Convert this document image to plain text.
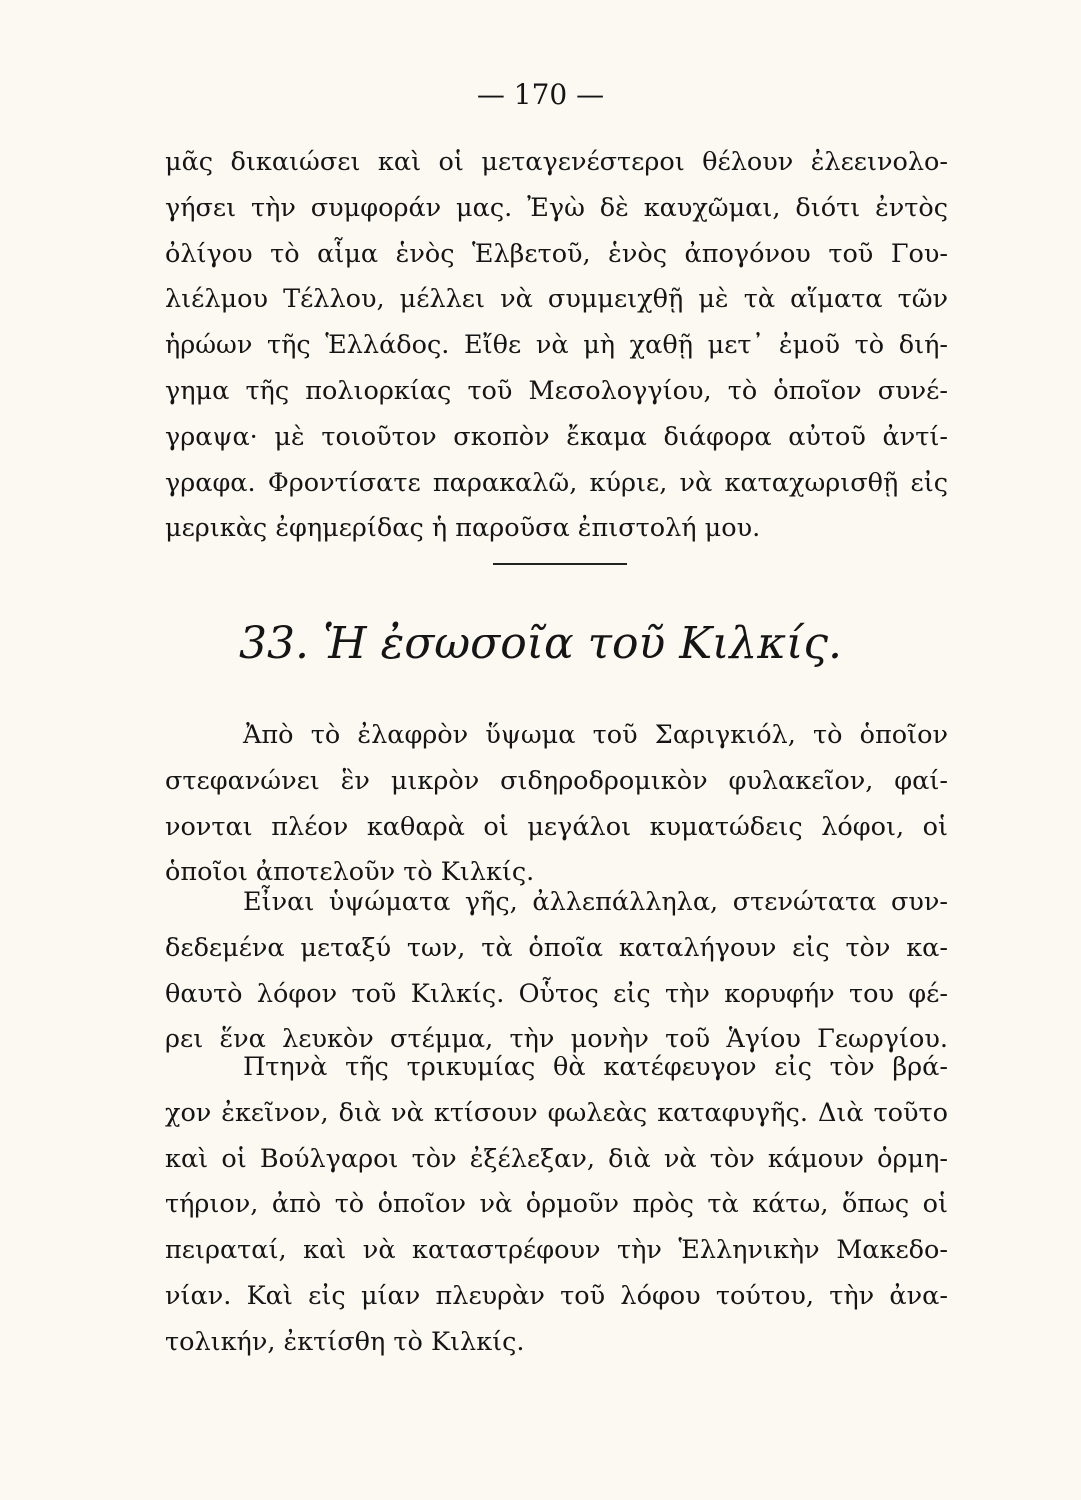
— 170 —
μᾶς δικαιώσει καὶ οἱ μεταγενέστεροι θέλουν ἐλεεινολο-
γήσει τὴν συμφοράν μας. Ἐγὼ δὲ καυχῶμαι, διότι ἐντὸς
ὀλίγου τὸ αἷμα ἑνὸς Ἑλβετοῦ, ἑνὸς ἀπογόνου τοῦ Γου-
λιέλμου Τέλλου, μέλλει νὰ συμμειχθῇ μὲ τὰ αἵματα τῶν
ἡρώων τῆς Ἑλλάδος. Εἴθε νὰ μὴ χαθῇ μετ᾽ ἐμοῦ τὸ διή-
γημα τῆς πολιορκίας τοῦ Μεσολογγίου, τὸ ὁποῖον συνέ-
γραψα· μὲ τοιοῦτον σκοπὸν ἔκαμα διάφορα αὐτοῦ ἀντί-
γραφα. Φροντίσατε παρακαλῶ, κύριε, νὰ καταχωρισθῇ εἰς
μερικὰς ἐφημερίδας ἡ παροῦσα ἐπιστολή μου.
33. Ἡ ἐσωσοῖα τοῦ Κιλκίς.
Ἀπὸ τὸ ἐλαφρὸν ὕψωμα τοῦ Σαριγκιόλ, τὸ ὁποῖον
στεφανώνει ἓν μικρὸν σιδηροδρομικὸν φυλακεῖον, φαί-
νονται πλέον καθαρὰ οἱ μεγάλοι κυματώδεις λόφοι, οἱ
ὁποῖοι ἀποτελοῦν τὸ Κιλκίς.
Εἶναι ὑψώματα γῆς, ἀλλεπάλληλα, στενώτατα συν-
δεδεμένα μεταξύ των, τὰ ὁποῖα καταλήγουν εἰς τὸν κα-
θαυτὸ λόφον τοῦ Κιλκίς. Οὗτος εἰς τὴν κορυφήν του φέ-
ρει ἕνα λευκὸν στέμμα, τὴν μονὴν τοῦ Ἁγίου Γεωργίου.
Πτηνὰ τῆς τρικυμίας θὰ κατέφευγον εἰς τὸν βρά-
χον ἐκεῖνον, διὰ νὰ κτίσουν φωλεὰς καταφυγῆς. Διὰ τοῦτο
καὶ οἱ Βούλγαροι τὸν ἐξέλεξαν, διὰ νὰ τὸν κάμουν ὁρμη-
τήριον, ἀπὸ τὸ ὁποῖον νὰ ὁρμοῦν πρὸς τὰ κάτω, ὅπως οἱ
πειραταί, καὶ νὰ καταστρέφουν τὴν Ἑλληνικὴν Μακεδο-
νίαν. Καὶ εἰς μίαν πλευρὰν τοῦ λόφου τούτου, τὴν ἀνα-
τολικήν, ἐκτίσθη τὸ Κιλκίς.
